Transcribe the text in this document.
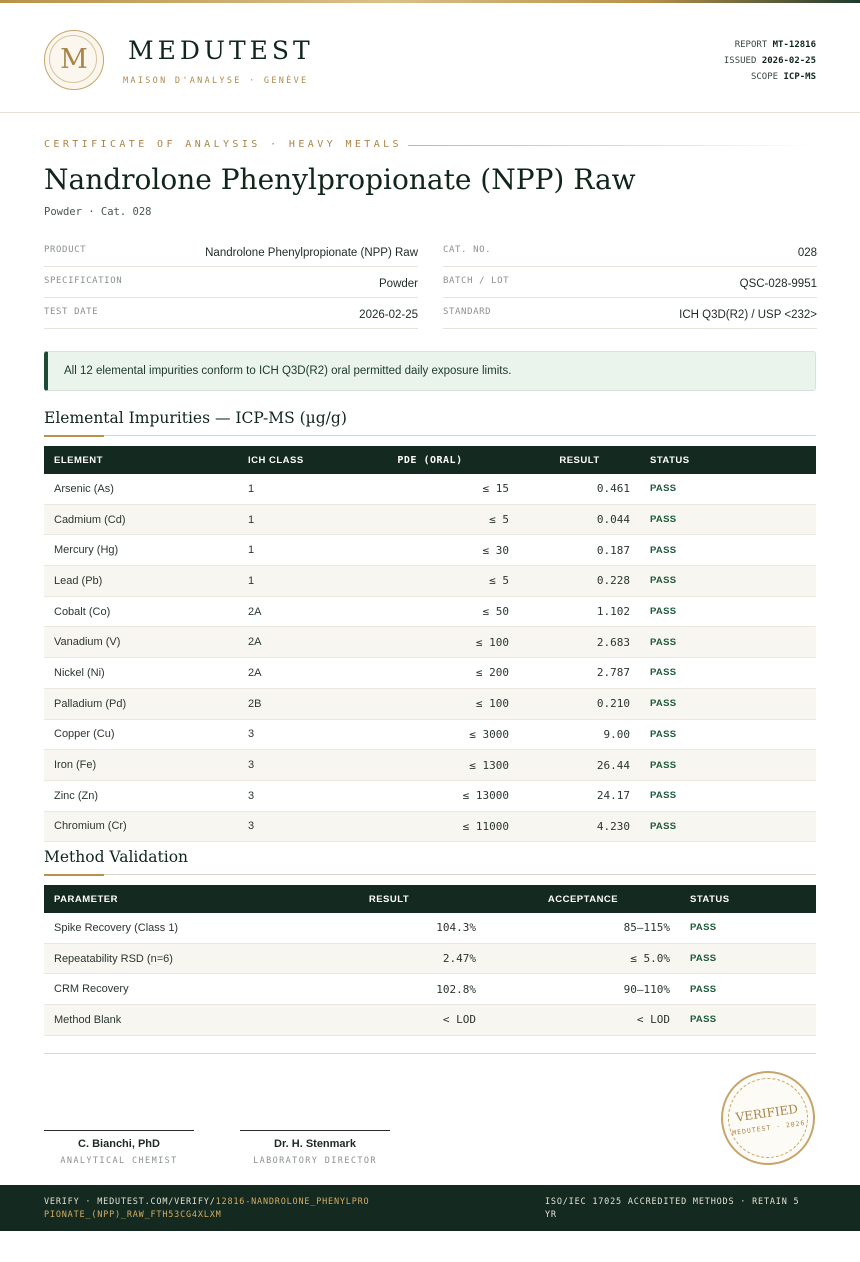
M	MEDUTEST
MAISON D'ANALYSE · GENÈVE
REPORT MT-12816
ISSUED 2026-02-25
SCOPE ICP-MS
CERTIFICATE OF ANALYSIS · HEAVY METALS
Nandrolone Phenylpropionate (NPP) Raw
Powder · Cat. 028
PRODUCT	Nandrolone Phenylpropionate (NPP) Raw
SPECIFICATION	Powder
TEST DATE	2026-02-25
CAT. NO.	028
BATCH / LOT	QSC-028-9951
STANDARD	ICH Q3D(R2) / USP <232>
All 12 elemental impurities conform to ICH Q3D(R2) oral permitted daily exposure limits.
Elemental Impurities — ICP-MS (µg/g)
ELEMENT	ICH CLASS	PDE (ORAL)	RESULT	STATUS
Arsenic (As)	1	≤ 15	0.461	PASS
Cadmium (Cd)	1	≤ 5	0.044	PASS
Mercury (Hg)	1	≤ 30	0.187	PASS
Lead (Pb)	1	≤ 5	0.228	PASS
Cobalt (Co)	2A	≤ 50	1.102	PASS
Vanadium (V)	2A	≤ 100	2.683	PASS
Nickel (Ni)	2A	≤ 200	2.787	PASS
Palladium (Pd)	2B	≤ 100	0.210	PASS
Copper (Cu)	3	≤ 3000	9.00	PASS
Iron (Fe)	3	≤ 1300	26.44	PASS
Zinc (Zn)	3	≤ 13000	24.17	PASS
Chromium (Cr)	3	≤ 11000	4.230	PASS
Method Validation
PARAMETER	RESULT	ACCEPTANCE	STATUS
Spike Recovery (Class 1)	104.3%	85–115%	PASS
Repeatability RSD (n=6)	2.47%	≤ 5.0%	PASS
CRM Recovery	102.8%	90–110%	PASS
Method Blank	< LOD	< LOD	PASS
C. Bianchi, PhD
ANALYTICAL CHEMIST
Dr. H. Stenmark
LABORATORY DIRECTOR
VERIFIED
MEDUTEST · 2026
VERIFY · MEDUTEST.COM/VERIFY/12816-NANDROLONE_PHENYLPROPIONATE_(NPP)_RAW_FTH53CG4XLXM
ISO/IEC 17025 ACCREDITED METHODS · RETAIN 5 YR
